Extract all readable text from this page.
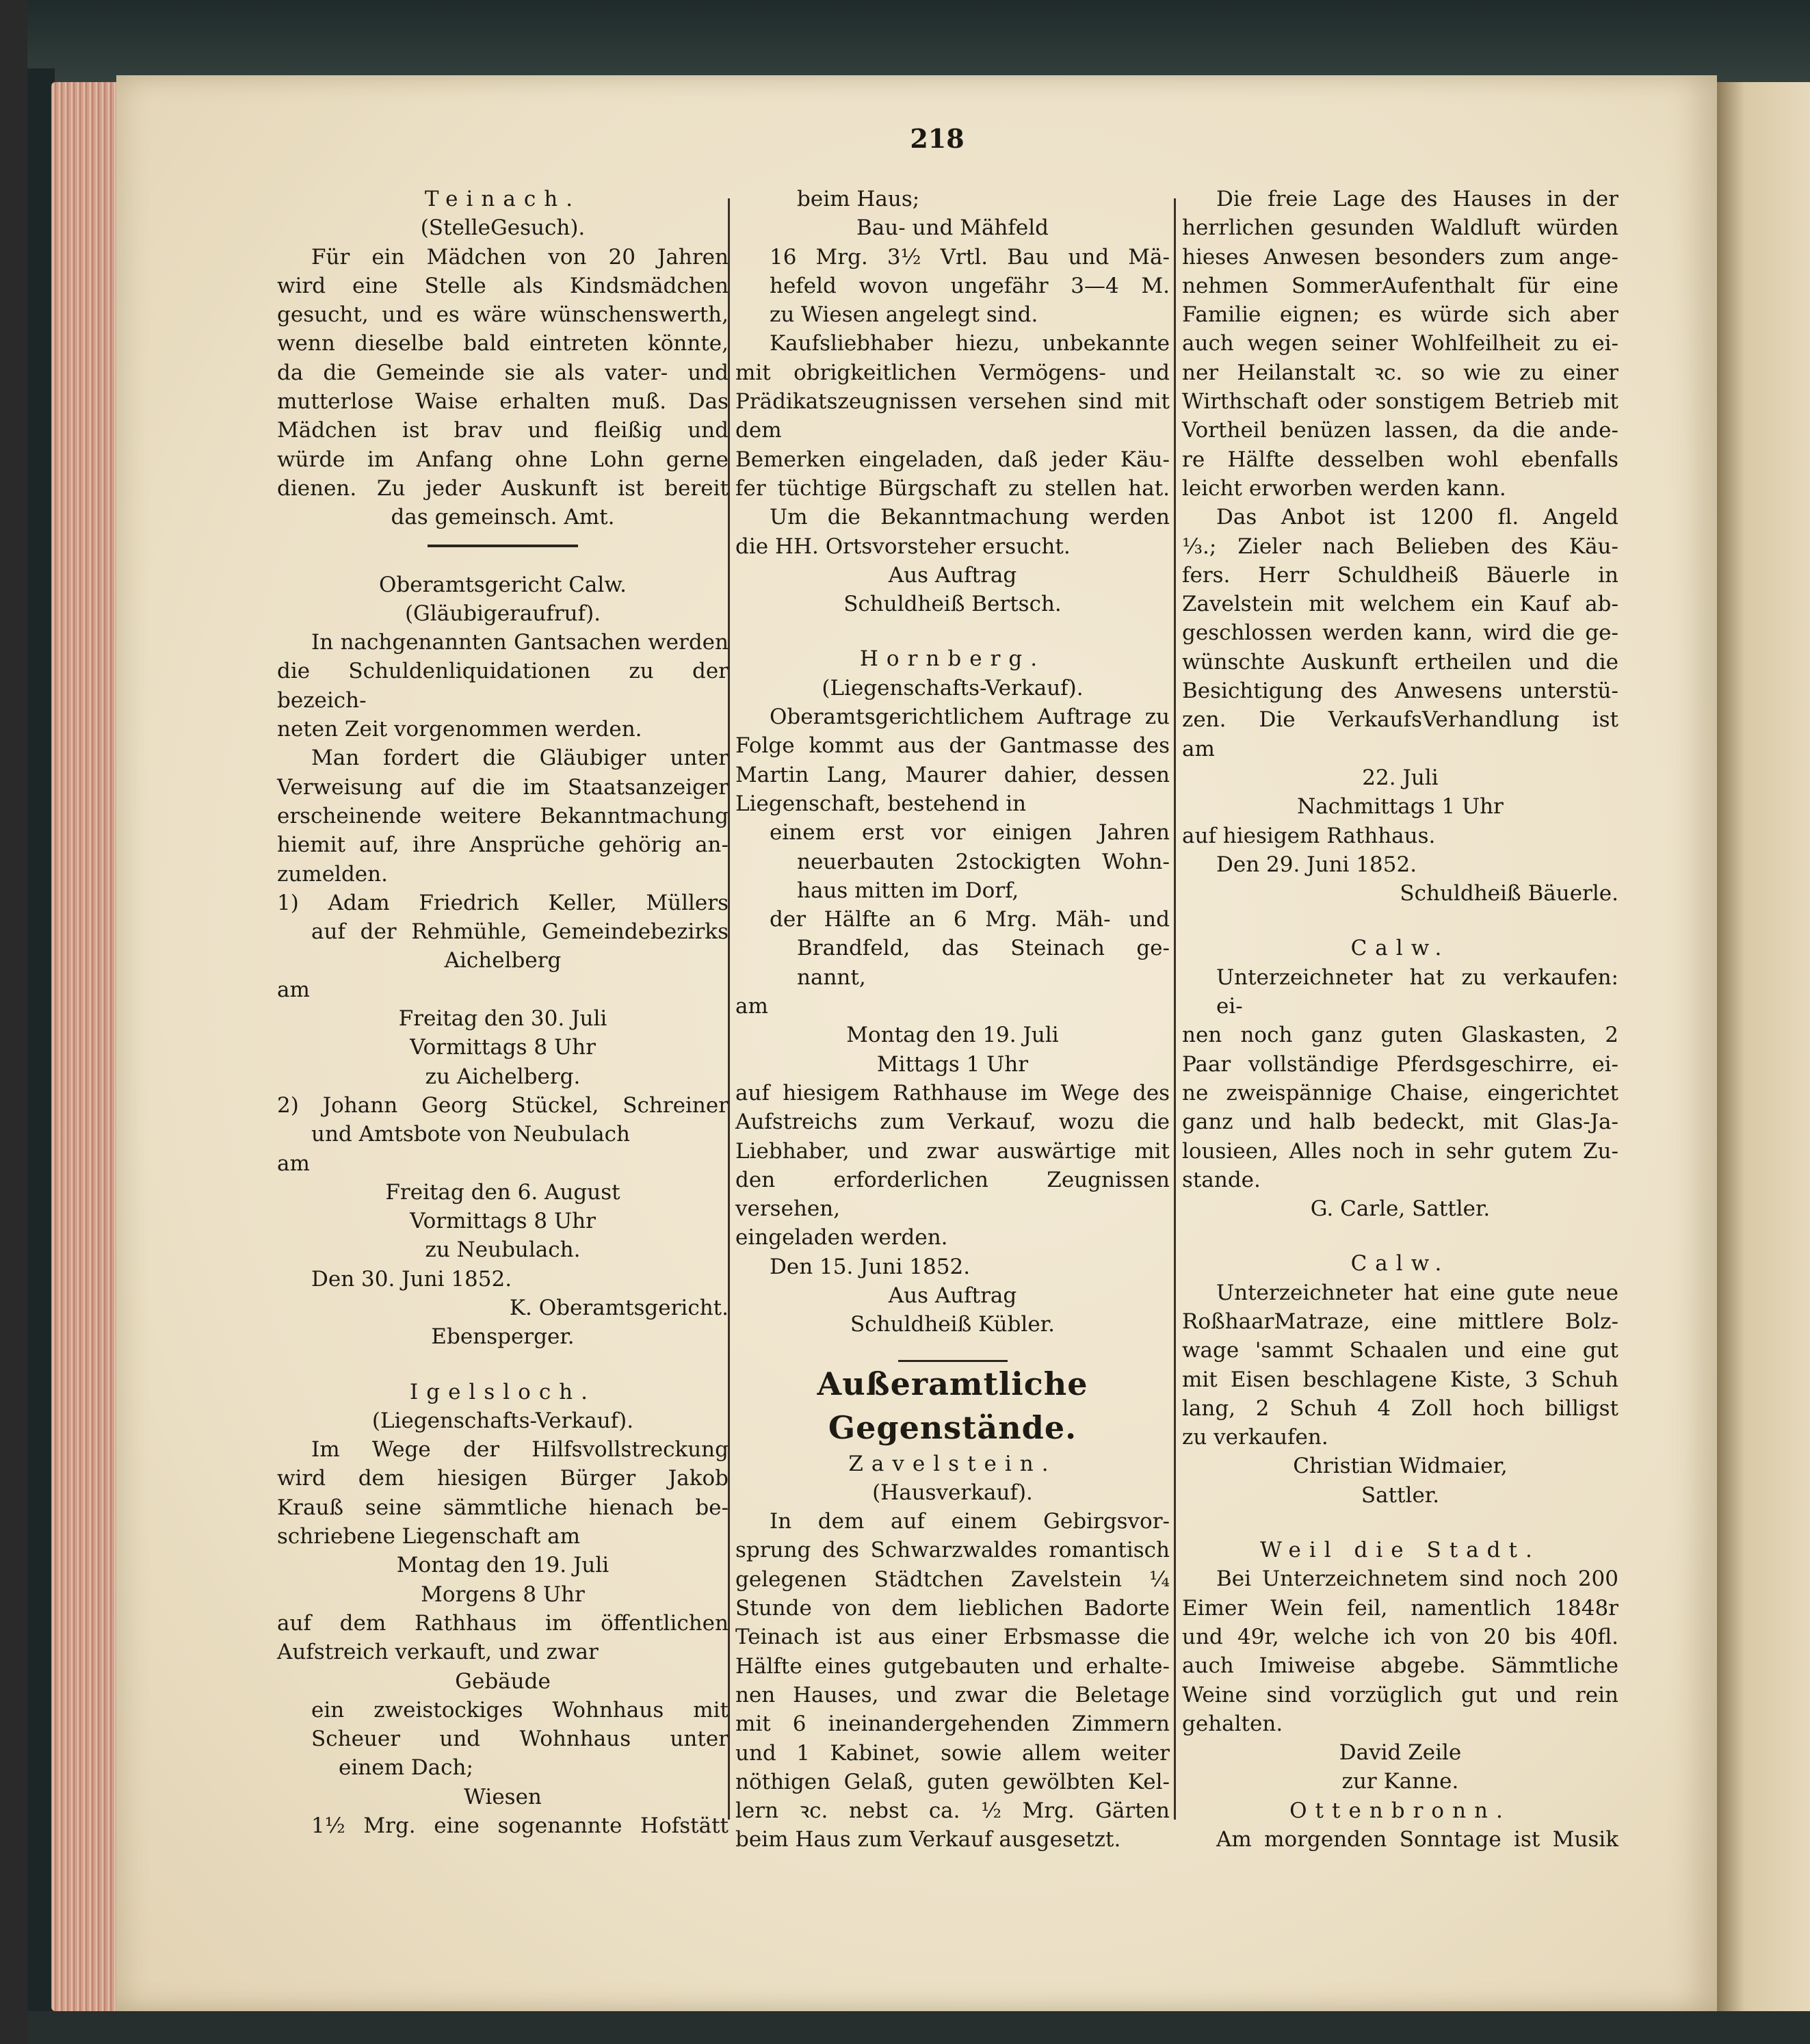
218

Teinach.

(StelleGesuch).

Für ein Mädchen von 20 Jahren

wird eine Stelle als Kindsmädchen

gesucht, und es wäre wünschenswerth,

wenn dieselbe bald eintreten könnte,

da die Gemeinde sie als vater- und

mutterlose Waise erhalten muß. Das

Mädchen ist brav und fleißig und

würde im Anfang ohne Lohn gerne

dienen. Zu jeder Auskunft ist bereit

das gemeinsch. Amt.

Oberamtsgericht Calw.

(Gläubigeraufruf).

In nachgenannten Gantsachen werden

die Schuldenliquidationen zu der bezeich-

neten Zeit vorgenommen werden.

Man fordert die Gläubiger unter

Verweisung auf die im Staatsanzeiger

erscheinende weitere Bekanntmachung

hiemit auf, ihre Ansprüche gehörig an-

zumelden.

1) Adam Friedrich Keller, Müllers

auf der Rehmühle, Gemeindebezirks

Aichelberg

am

Freitag den 30. Juli

Vormittags 8 Uhr

zu Aichelberg.

2) Johann Georg Stückel, Schreiner

und Amtsbote von Neubulach

am

Freitag den 6. August

Vormittags 8 Uhr

zu Neubulach.

Den 30. Juni 1852.

K. Oberamtsgericht.

Ebensperger.

Igelsloch.

(Liegenschafts-Verkauf).

Im Wege der Hilfsvollstreckung

wird dem hiesigen Bürger Jakob

Krauß seine sämmtliche hienach be-

schriebene Liegenschaft am

Montag den 19. Juli

Morgens 8 Uhr

auf dem Rathhaus im öffentlichen

Aufstreich verkauft, und zwar

Gebäude

ein zweistockiges Wohnhaus mit

Scheuer und Wohnhaus unter

einem Dach;

Wiesen

1½ Mrg. eine sogenannte Hofstätt

beim Haus;

Bau- und Mähfeld

16 Mrg. 3½ Vrtl. Bau und Mä-

hefeld wovon ungefähr 3—4 M.

zu Wiesen angelegt sind.

Kaufsliebhaber hiezu, unbekannte

mit obrigkeitlichen Vermögens- und

Prädikatszeugnissen versehen sind mit dem

Bemerken eingeladen, daß jeder Käu-

fer tüchtige Bürgschaft zu stellen hat.

Um die Bekanntmachung werden

die HH. Ortsvorsteher ersucht.

Aus Auftrag

Schuldheiß Bertsch.

Hornberg.

(Liegenschafts-Verkauf).

Oberamtsgerichtlichem Auftrage zu

Folge kommt aus der Gantmasse des

Martin Lang, Maurer dahier, dessen

Liegenschaft, bestehend in

einem erst vor einigen Jahren

neuerbauten 2stockigten Wohn-

haus mitten im Dorf,

der Hälfte an 6 Mrg. Mäh- und

Brandfeld, das Steinach ge-

nannt,

am

Montag den 19. Juli

Mittags 1 Uhr

auf hiesigem Rathhause im Wege des

Aufstreichs zum Verkauf, wozu die

Liebhaber, und zwar auswärtige mit

den erforderlichen Zeugnissen versehen,

eingeladen werden.

Den 15. Juni 1852.

Aus Auftrag

Schuldheiß Kübler.

Außeramtliche Gegenstände.

Zavelstein.

(Hausverkauf).

In dem auf einem Gebirgsvor-

sprung des Schwarzwaldes romantisch

gelegenen Städtchen Zavelstein ¼

Stunde von dem lieblichen Badorte

Teinach ist aus einer Erbsmasse die

Hälfte eines gutgebauten und erhalte-

nen Hauses, und zwar die Beletage

mit 6 ineinandergehenden Zimmern

und 1 Kabinet, sowie allem weiter

nöthigen Gelaß, guten gewölbten Kel-

lern ꝛc. nebst ca. ½ Mrg. Gärten

beim Haus zum Verkauf ausgesetzt.

Die freie Lage des Hauses in der

herrlichen gesunden Waldluft würden

hieses Anwesen besonders zum ange-

nehmen SommerAufenthalt für eine

Familie eignen; es würde sich aber

auch wegen seiner Wohlfeilheit zu ei-

ner Heilanstalt ꝛc. so wie zu einer

Wirthschaft oder sonstigem Betrieb mit

Vortheil benüzen lassen, da die ande-

re Hälfte desselben wohl ebenfalls

leicht erworben werden kann.

Das Anbot ist 1200 fl. Angeld

⅓.; Zieler nach Belieben des Käu-

fers. Herr Schuldheiß Bäuerle in

Zavelstein mit welchem ein Kauf ab-

geschlossen werden kann, wird die ge-

wünschte Auskunft ertheilen und die

Besichtigung des Anwesens unterstü-

zen. Die VerkaufsVerhandlung ist

am

22. Juli

Nachmittags 1 Uhr

auf hiesigem Rathhaus.

Den 29. Juni 1852.

Schuldheiß Bäuerle.

Calw.

Unterzeichneter hat zu verkaufen: ei-

nen noch ganz guten Glaskasten, 2

Paar vollständige Pferdsgeschirre, ei-

ne zweispännige Chaise, eingerichtet

ganz und halb bedeckt, mit Glas-Ja-

lousieen, Alles noch in sehr gutem Zu-

stande.

G. Carle, Sattler.

Calw.

Unterzeichneter hat eine gute neue

RoßhaarMatraze, eine mittlere Bolz-

wage 'sammt Schaalen und eine gut

mit Eisen beschlagene Kiste, 3 Schuh

lang, 2 Schuh 4 Zoll hoch billigst

zu verkaufen.

Christian Widmaier,

Sattler.

Weil die Stadt.

Bei Unterzeichnetem sind noch 200

Eimer Wein feil, namentlich 1848r

und 49r, welche ich von 20 bis 40fl.

auch Imiweise abgebe. Sämmtliche

Weine sind vorzüglich gut und rein

gehalten.

David Zeile

zur Kanne.

Ottenbronn.

Am morgenden Sonntage ist Musik
